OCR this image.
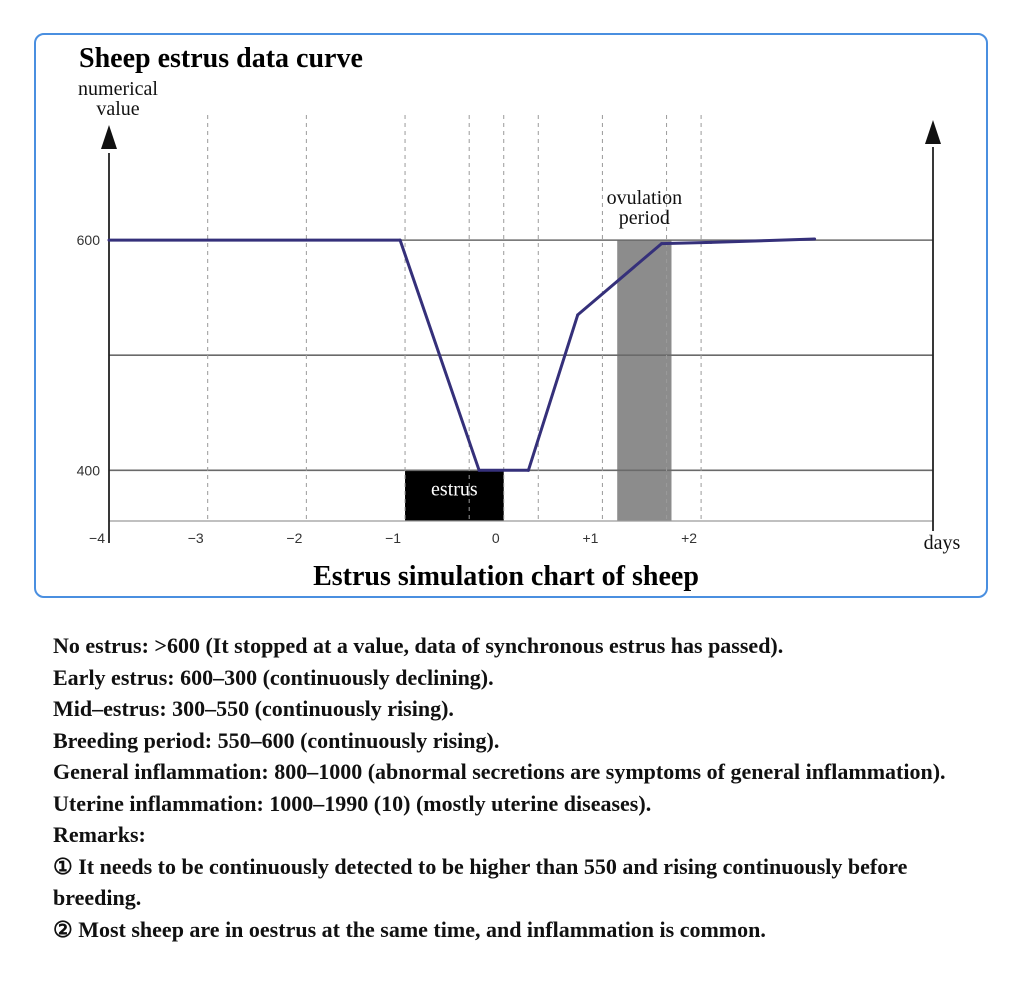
400
600
−4	−3	−2	−1	0	+1	+2
Sheep estrus data curve
Estrus simulation chart of sheep
numerical
value
days
estrus
ovulation
period

No estrus: >600 (It stopped at a value, data of synchronous estrus has passed).

Early estrus: 600–300 (continuously declining).

Mid–estrus: 300–550 (continuously rising).

Breeding period: 550–600 (continuously rising).

General inflammation: 800–1000 (abnormal secretions are symptoms of general inflammation).

Uterine inflammation: 1000–1990 (10) (mostly uterine diseases).

Remarks:

① It needs to be continuously detected to be higher than 550 and rising continuously before breeding.

② Most sheep are in oestrus at the same time, and inflammation is common.
